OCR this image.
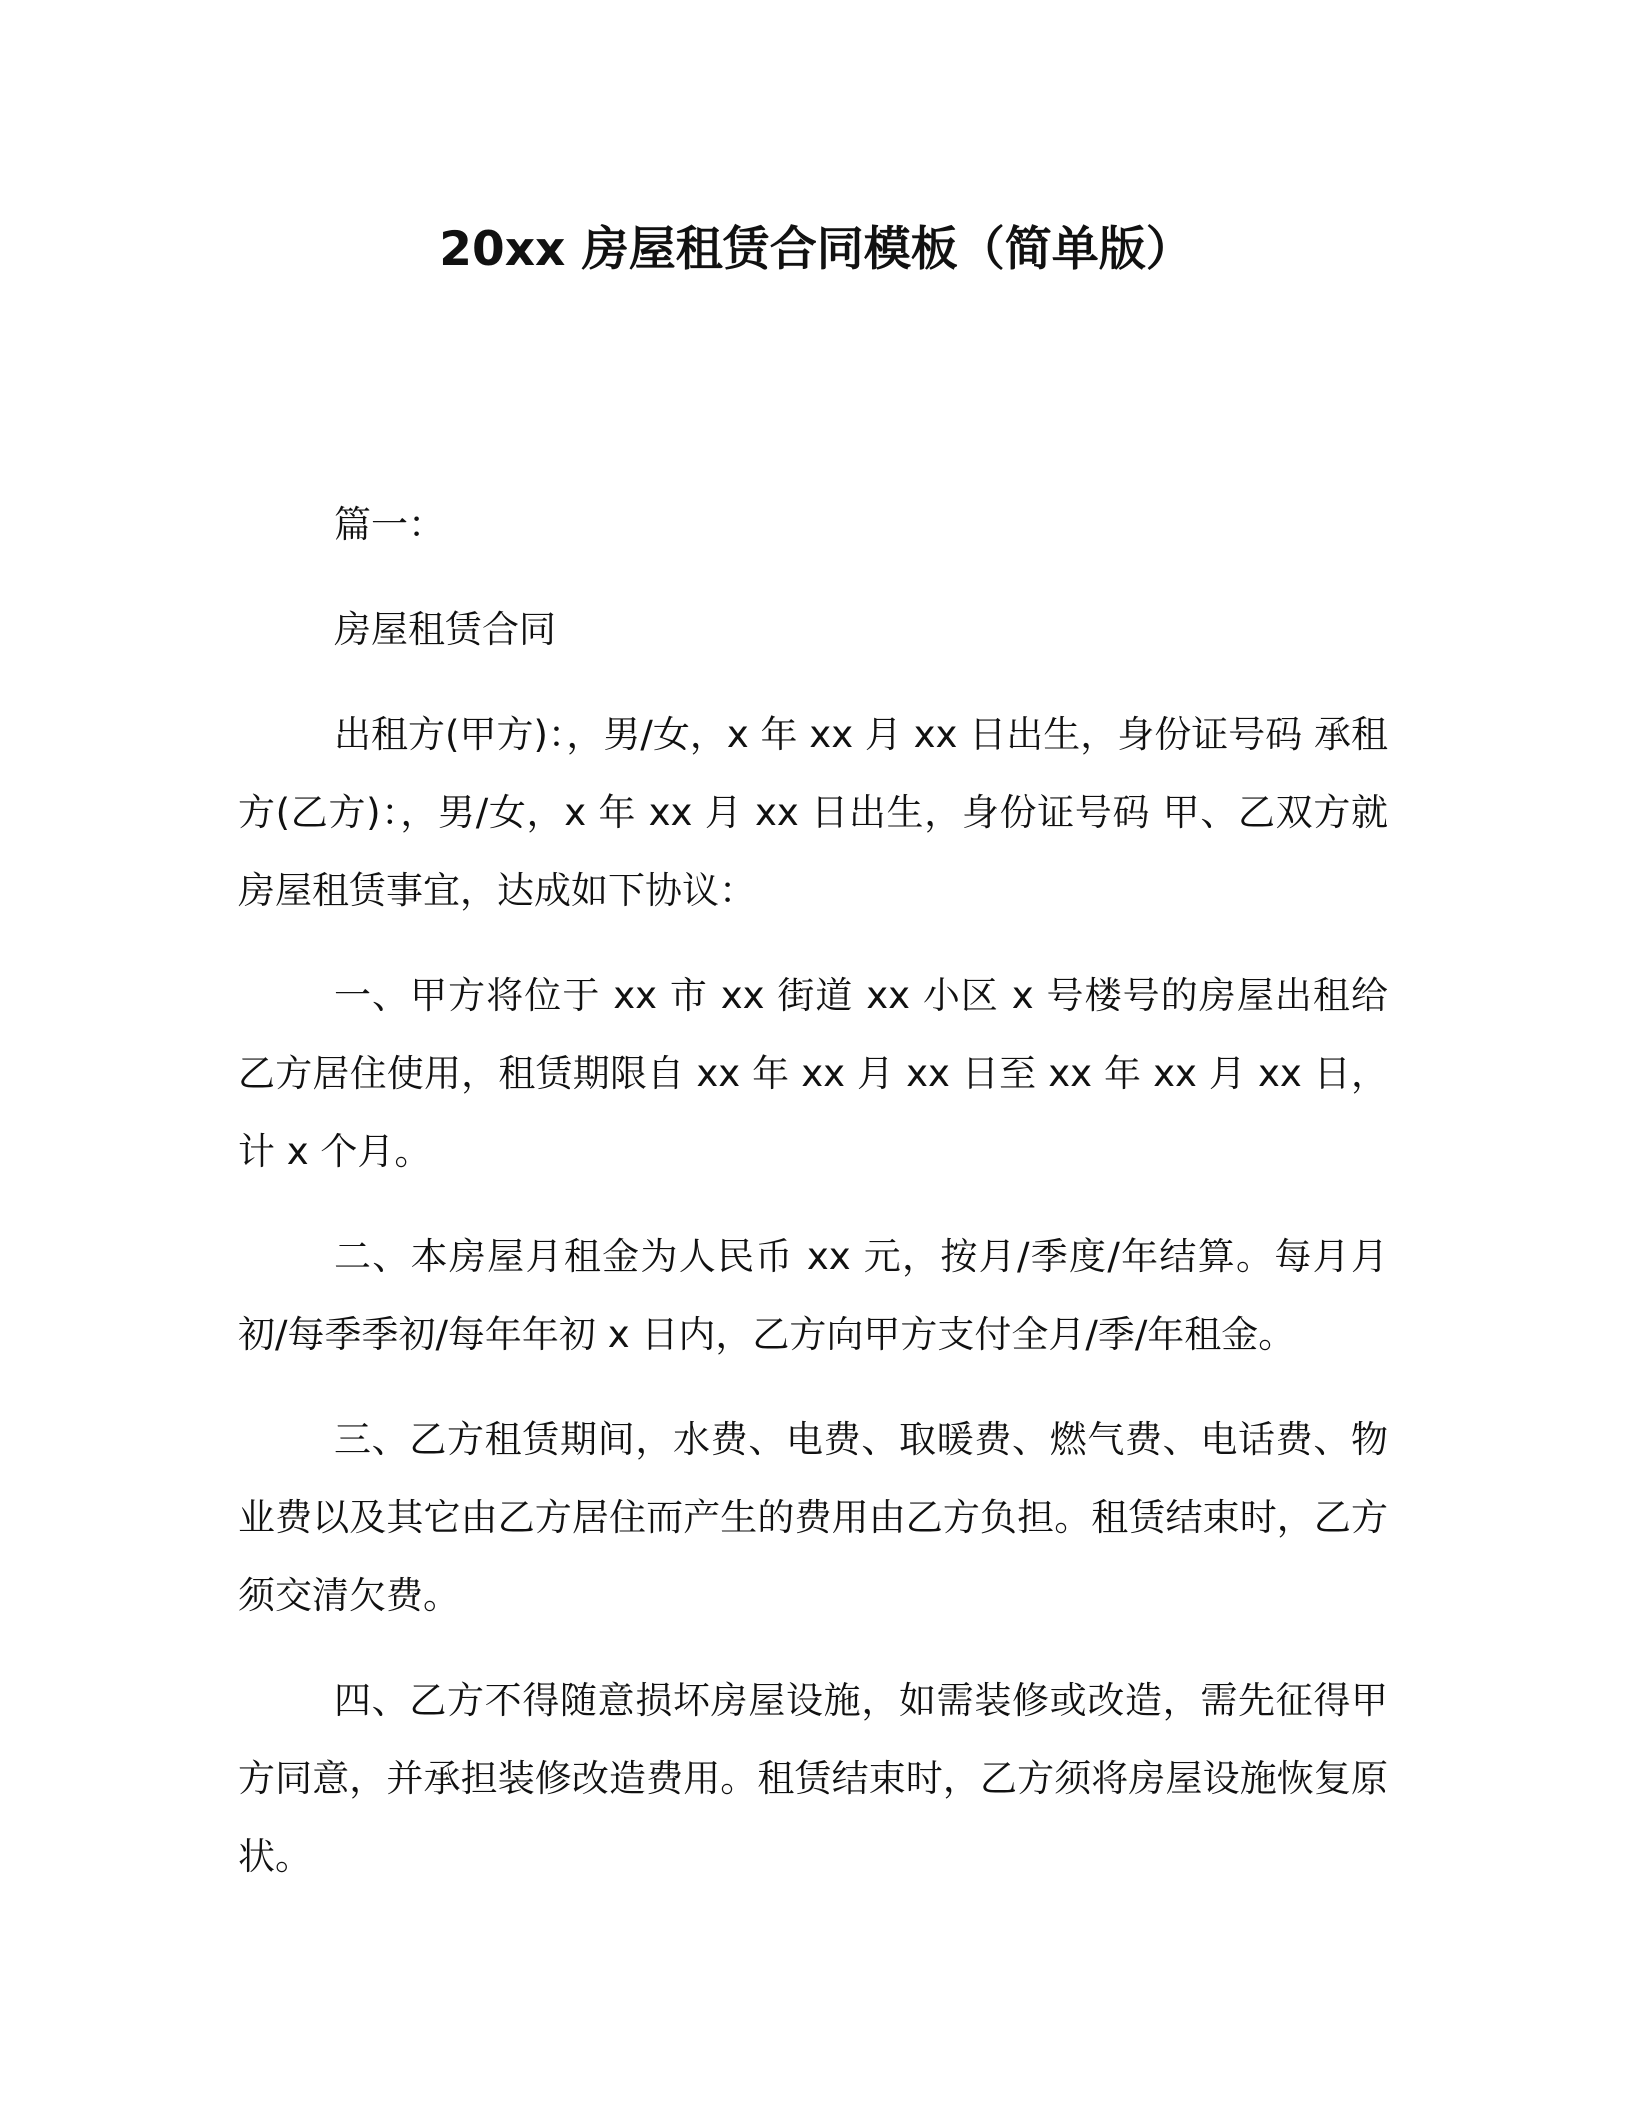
20xx 房屋租赁合同模板（简单版）

篇一：

房屋租赁合同

出租方(甲方)：，男/女，x 年 xx 月 xx 日出生，身份证号码 承租方(乙方)：，男/女，x 年 xx 月 xx 日出生，身份证号码 甲、乙双方就房屋租赁事宜，达成如下协议：

一、甲方将位于 xx 市 xx 街道 xx 小区 x 号楼号的房屋出租给乙方居住使用，租赁期限自 xx 年 xx 月 xx 日至 xx 年 xx 月 xx 日，计 x 个月。

二、本房屋月租金为人民币 xx 元，按月/季度/年结算。每月月初/每季季初/每年年初 x 日内，乙方向甲方支付全月/季/年租金。

三、乙方租赁期间，水费、电费、取暖费、燃气费、电话费、物业费以及其它由乙方居住而产生的费用由乙方负担。租赁结束时，乙方须交清欠费。

四、乙方不得随意损坏房屋设施，如需装修或改造，需先征得甲方同意，并承担装修改造费用。租赁结束时，乙方须将房屋设施恢复原状。
